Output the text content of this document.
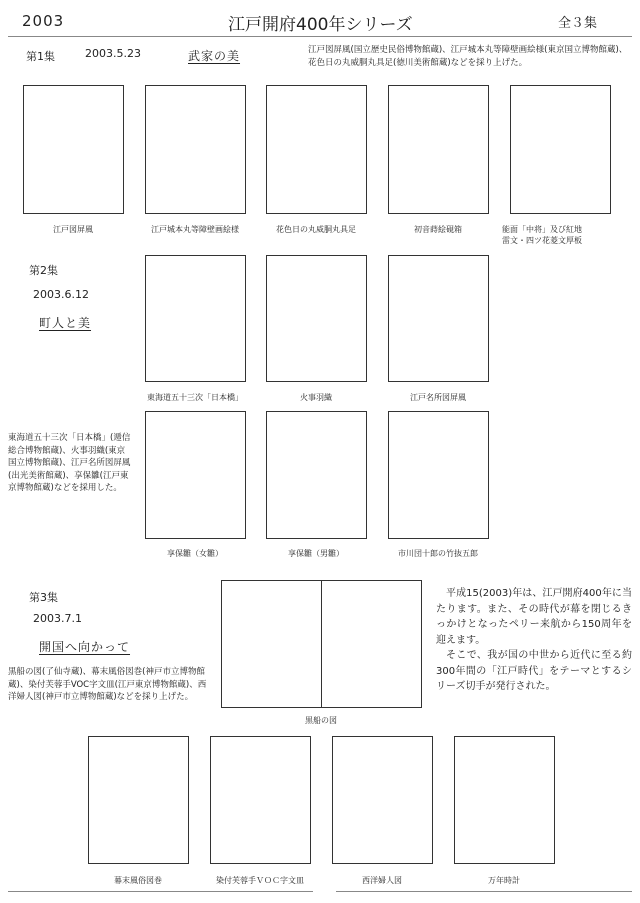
2003	江戸開府400年シリーズ	全３集
第1集	2003.5.23	武家の美	江戸図屏風(国立歴史民俗博物館蔵)、江戸城本丸等障壁画絵様(東京国立博物館蔵)、花色日の丸威胴丸具足(徳川美術館蔵)などを採り上げた。
江戸図屏風	江戸城本丸等障壁画絵様	花色日の丸威胴丸具足	初音蒔絵硯箱	能面「中将」及び紅地
雷文・四ツ花菱文厚板
第2集
2003.6.12
町人と美
東海道五十三次「日本橋」	火事羽織	江戸名所図屏風
東海道五十三次「日本橋」(逓信総合博物館蔵)、火事羽織(東京国立博物館蔵)、江戸名所図屏風(出光美術館蔵)、享保雛(江戸東京博物館蔵)などを採用した。
享保雛（女雛）	享保雛（男雛）	市川団十郎の竹抜五郎
第3集
2003.7.1
開国へ向かって
黒船の図(了仙寺蔵)、幕末風俗図巻(神戸市立博物館蔵)、染付芙蓉手VOC字文皿(江戸東京博物館蔵)、西洋婦人図(神戸市立博物館蔵)などを採り上げた。
黒船の図
平成15(2003)年は、江戸開府400年に当たります。また、その時代が幕を閉じるきっかけとなったペリー来航から150周年を迎えます。
そこで、我が国の中世から近代に至る約300年間の「江戸時代」をテーマとするシリーズ切手が発行された。
幕末風俗図巻	染付芙蓉手ＶＯＣ字文皿	西洋婦人図	万年時計
